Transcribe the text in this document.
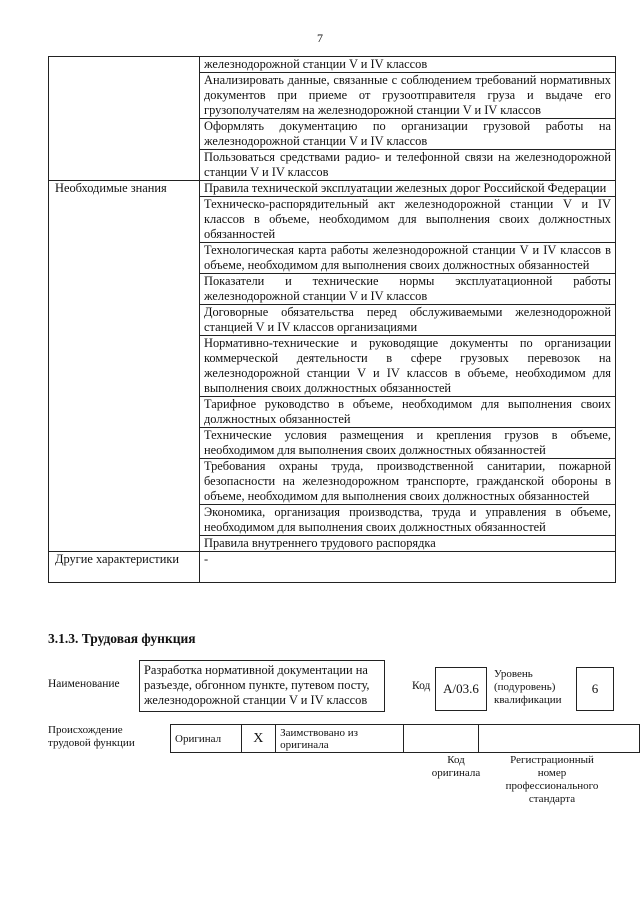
7
	железнодорожной станции V и IV классов
	Анализировать данные, связанные с соблюдением требований нормативных документов при приеме от грузоотправителя груза и выдаче его грузополучателям на железнодорожной станции V и IV классов
	Оформлять документацию по организации грузовой работы на железнодорожной станции V и IV классов
	Пользоваться средствами радио- и телефонной связи на железнодорожной станции V и IV классов
Необходимые знания	Правила технической эксплуатации железных дорог Российской Федерации
	Техническо-распорядительный акт железнодорожной станции V и IV классов в объеме, необходимом для выполнения своих должностных обязанностей
	Технологическая карта работы железнодорожной станции V и IV классов в объеме, необходимом для выполнения своих должностных обязанностей
	Показатели и технические нормы эксплуатационной работы железнодорожной станции V и IV классов
	Договорные обязательства перед обслуживаемыми железнодорожной станцией V и IV классов организациями
	Нормативно-технические и руководящие документы по организации коммерческой деятельности в сфере грузовых перевозок на железнодорожной станции V и IV классов в объеме, необходимом для выполнения своих должностных обязанностей
	Тарифное руководство в объеме, необходимом для выполнения своих должностных обязанностей
	Технические условия размещения и крепления грузов в объеме, необходимом для выполнения своих должностных обязанностей
	Требования охраны труда, производственной санитарии, пожарной безопасности на железнодорожном транспорте, гражданской обороны в объеме, необходимом для выполнения своих должностных обязанностей
	Экономика, организация производства, труда и управления в объеме, необходимом для выполнения своих должностных обязанностей
	Правила внутреннего трудового распорядка
Другие характеристики	-
3.1.3. Трудовая функция
Наименование
Разработка нормативной документации на разъезде, обгонном пункте, путевом посту, железнодорожной станции V и IV классов
Код A/03.6
Уровень (подуровень) квалификации
6
Происхождение трудовой функции	Оригинал	X	Заимствовано из оригинала		
Код оригинала
Регистрационный номер профессионального стандарта
